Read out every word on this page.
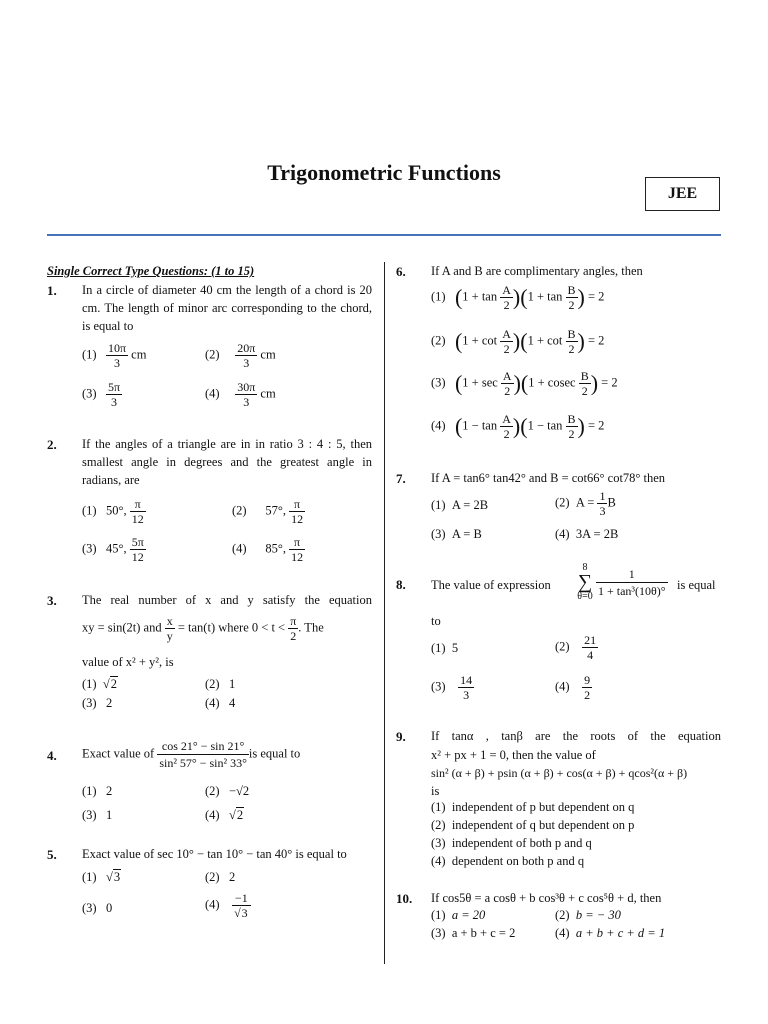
Trigonometric Functions
JEE
Single Correct Type Questions: (1 to 15)
1. In a circle of diameter 40 cm the length of a chord is 20 cm. The length of minor arc corresponding to the chord, is equal to
$(1) \frac{10\pi}{3}$ cm	$(2) \frac{20\pi}{3}$ cm
$(3) \frac{5\pi}{3}$	$(4) \frac{30\pi}{3}$ cm
2. If the angles of a triangle are in in ratio 3 : 4 : 5, then smallest angle in degrees and the greatest angle in radians, are
(1) 50°, $\frac{\pi}{12}$	(2) 57°, $\frac{\pi}{12}$
(3) 45°, $\frac{5\pi}{12}$	(4) 85°, $\frac{\pi}{12}$
3. The real number of x and y satisfy the equation
xy = sin(2t) and $\frac{x}{y} = \tan(t)$ where $0 < t < \frac{\pi}{2}$ . The
value of x² + y², is
(1)  √2	(2) 1
(3) 2	(4) 4
4. Exact value of $\frac{\cos 21^\circ - \sin 21^\circ}{\text{sin² 57° − sin² 33°}}$ is equal to
(1) 2	(2) −√2
(3) 1	(4)   √2
5. Exact value of sec 10° − tan 10° − tan 40° is equal to
(1)   √3	(2) 2
(3) 0	$(4) \frac{-1}{√3}$
6. If A and B are complimentary angles, then
(1) $(1 + \tan \frac{A}{2} )(1 + \tan \frac{B}{2}$ ) = 2
(2) $(1 + \cot \frac{A}{2} )(1 + \cot \frac{B}{2}$ ) = 2
(3) $(1 + \sec \frac{A}{2} )(1 + cosec \frac{B}{2}$ ) = 2
(4) $(1 - \tan \frac{A}{2} )(1 - \tan \frac{B}{2}$ ) = 2
7. If A = tan6° tan42° and B = cot66° cot78° then
(1) A = 2B	(2) $A = \frac{1}{3}$ B
(3) A = B	(4) 3A = 2B
8. The value of expression
8
∑
$\theta=0 \frac{1}{\text{1 + tan³(10θ)°}}$ is equal
to
(1) 5	$(2) \frac{21}{4}$
$(3) \frac{14}{3}$	$(4) \frac{9}{2}$
9. If tanα , tanβ are the roots of the equation
x² + px + 1 = 0, then the value of
sin² (α + β) + psin (α + β) + cos(α + β) + qcos²(α + β)
is
(1) independent of p but dependent on q
(2) independent of q but dependent on p
(3) independent of both p and q
(4) dependent on both p and q
10. If cos5θ = a cosθ + b cos³θ + c cos⁵θ + d, then
(1) a = 20	(2) b = − 30
(3) a + b + c = 2	(4) a + b + c + d = 1
